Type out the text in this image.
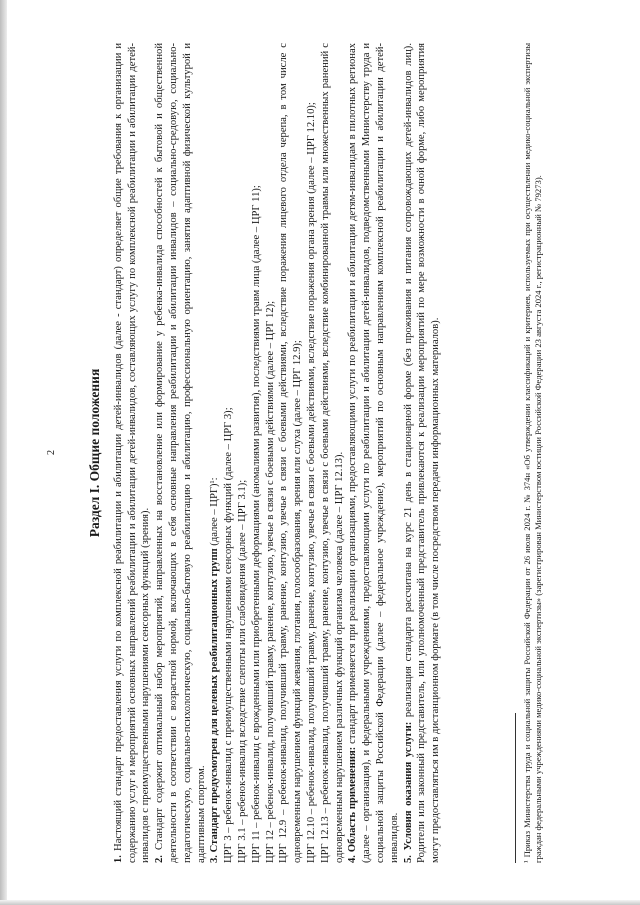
2 Раздел I. Общие положения

1. Настоящий стандарт предоставления услуги по комплексной реабилитации и абилитации детей-инвалидов (далее - стандарт) определяет общие требования к организации и содержанию услуг и мероприятий основных направлений реабилитации и абилитации детей-инвалидов, составляющих услугу по комплексной реабилитации и абилитации детей-инвалидов с преимущественными нарушениями сенсорных функций (зрения). 2. Стандарт содержит оптимальный набор мероприятий, направленных на восстановление или формирование у ребенка-инвалида способностей к бытовой и общественной деятельности в соответствии с возрастной нормой, включающих в себя основные направления реабилитации и абилитации инвалидов – социально-средовую, социально-педагогическую, социально-психологическую, социально-бытовую реабилитацию и абилитацию, профессиональную ориентацию, занятия адаптивной физической культурой и адаптивным спортом. 3. Стандарт предусмотрен для целевых реабилитационных групп (далее – ЦРГ)¹: ЦРГ 3 – ребенок-инвалид с преимущественными нарушениями сенсорных функций (далее – ЦРГ 3); ЦРГ 3.1 – ребенок-инвалид вследствие слепоты или слабовидения (далее – ЦРГ 3.1); ЦРГ 11 – ребенок-инвалид с врожденными или приобретенными деформациями (аномалиями развития), последствиями травм лица (далее – ЦРГ 11); ЦРГ 12 – ребенок-инвалид, получивший травму, ранение, контузию, увечье в связи с боевыми действиями (далее – ЦРГ 12); ЦРГ 12.9 – ребенок-инвалид, получивший травму, ранение, контузию, увечье в связи с боевыми действиями, вследствие поражения лицевого отдела черепа, в том числе с одновременным нарушением функций жевания, глотания, голосообразования, зрения или слуха (далее – ЦРГ 12.9); ЦРГ 12.10 – ребенок-инвалид, получивший травму, ранение, контузию, увечье в связи с боевыми действиями, вследствие поражения органа зрения (далее – ЦРГ 12.10); ЦРГ 12.13 – ребенок-инвалид, получивший травму, ранение, контузию, увечье в связи с боевыми действиями, вследствие комбинированной травмы или множественных ранений с одновременным нарушением различных функций организма человека (далее – ЦРГ 12.13). 4. Область применения: стандарт применяется при реализации организациями, предоставляющими услуги по реабилитации и абилитации детям-инвалидам в пилотных регионах (далее – организация), и федеральными учреждениями, предоставляющими услуги по реабилитации и абилитации детей-инвалидов, подведомственными Министерству труда и социальной защиты Российской Федерации (далее – федеральное учреждение), мероприятий по основным направлениям комплексной реабилитации и абилитации детей-инвалидов. 5. Условия оказания услуги: реализация стандарта рассчитана на курс 21 день в стационарной форме (без проживания и питания сопровождающих детей-инвалидов лиц). Родители или законный представитель, или уполномоченный представитель привлекаются к реализации мероприятий по мере возможности в очной форме, либо мероприятия могут предоставляться им в дистанционном формате (в том числе посредством передачи информационных материалов).	¹ Приказ Министерства труда и социальной защиты Российской Федерации от 26 июля 2024 г. № 374н «Об утверждении классификаций и критериев, используемых при осуществлении медико-социальной экспертизы граждан федеральными учреждениями медико-социальной экспертизы» (зарегистрирован Министерством юстиции Российской Федерации 23 августа 2024 г., регистрационный № 79273).
